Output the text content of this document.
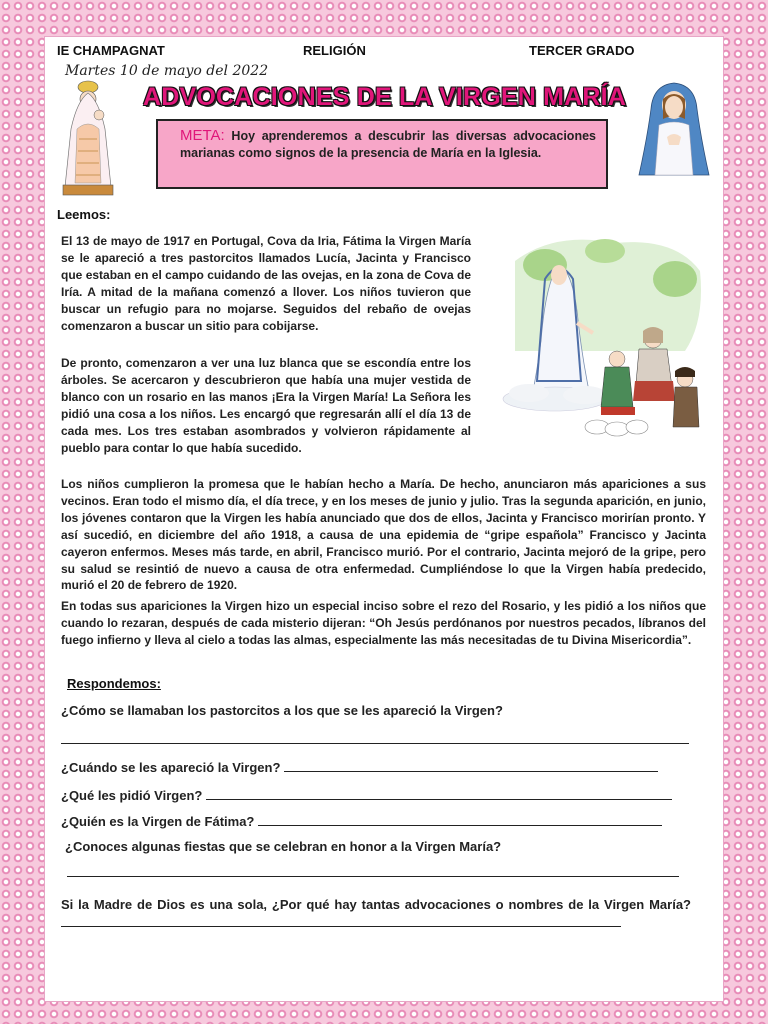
IE CHAMPAGNAT	RELIGIÓN	TERCER GRADO
Martes 10 de mayo del 2022
ADVOCACIONES DE LA VIRGEN MARÍA
META: Hoy aprenderemos a descubrir las diversas advocaciones marianas como signos de la presencia de María en la Iglesia.
Leemos:

El 13 de mayo de 1917 en Portugal, Cova da Iria, Fátima la Virgen María se le apareció a tres pastorcitos llamados Lucía, Jacinta y Francisco que estaban en el campo cuidando de las ovejas, en la zona de Cova de Iría. A mitad de la mañana comenzó a llover. Los niños tuvieron que buscar un refugio para no mojarse. Seguidos del rebaño de ovejas comenzaron a buscar un sitio para cobijarse.

De pronto, comenzaron a ver una luz blanca que se escondía entre los árboles. Se acercaron y descubrieron que había una mujer vestida de blanco con un rosario en las manos ¡Era la Virgen María! La Señora les pidió una cosa a los niños. Les encargó que regresarán allí el día 13 de cada mes. Los tres estaban asombrados y volvieron rápidamente al pueblo para contar lo que había sucedido.

Los niños cumplieron la promesa que le habían hecho a María. De hecho, anunciaron más apariciones a sus vecinos. Eran todo el mismo día, el día trece, y en los meses de junio y julio. Tras la segunda aparición, en junio, los jóvenes contaron que la Virgen les había anunciado que dos de ellos, Jacinta y Francisco morirían pronto. Y así sucedió, en diciembre del año 1918, a causa de una epidemia de “gripe española” Francisco y Jacinta cayeron enfermos. Meses más tarde, en abril, Francisco murió. Por el contrario, Jacinta mejoró de la gripe, pero su salud se resintió de nuevo a causa de otra enfermedad. Cumpliéndose lo que la Virgen había predecido, murió el 20 de febrero de 1920.

En todas sus apariciones la Virgen hizo un especial inciso sobre el rezo del Rosario, y les pidió a los niños que cuando lo rezaran, después de cada misterio dijeran: “Oh Jesús perdónanos por nuestros pecados, líbranos del fuego infierno y lleva al cielo a todas las almas, especialmente las más necesitadas de tu Divina Misericordia”.

Respondemos:
¿Cómo se llamaban los pastorcitos a los que se les apareció la Virgen?
¿Cuándo se les apareció la Virgen?
¿Qué les pidió Virgen?
¿Quién es la Virgen de Fátima?
¿Conoces algunas fiestas que se celebran en honor a la Virgen María?
Si la Madre de Dios es una sola, ¿Por qué hay tantas advocaciones o nombres de la Virgen María?
